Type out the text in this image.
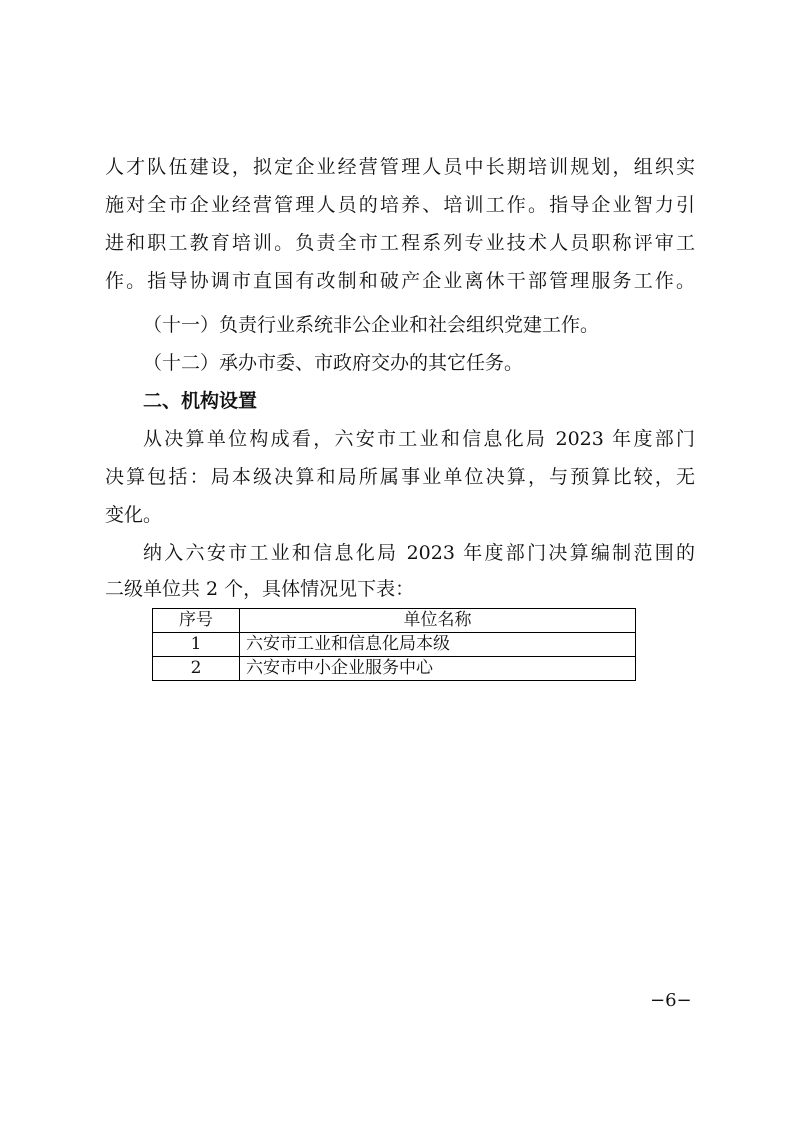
人才队伍建设，拟定企业经营管理人员中长期培训规划，组织实
施对全市企业经营管理人员的培养、培训工作。指导企业智力引
进和职工教育培训。负责全市工程系列专业技术人员职称评审工
作。指导协调市直国有改制和破产企业离休干部管理服务工作。
（十一）负责行业系统非公企业和社会组织党建工作。
（十二）承办市委、市政府交办的其它任务。
二、机构设置
从决算单位构成看，六安市工业和信息化局 2023 年度部门
决算包括：局本级决算和局所属事业单位决算，与预算比较，无
变化。
纳入六安市工业和信息化局 2023 年度部门决算编制范围的
二级单位共 2 个，具体情况见下表：
序号	单位名称
1	六安市工业和信息化局本级
2	六安市中小企业服务中心
−6−
